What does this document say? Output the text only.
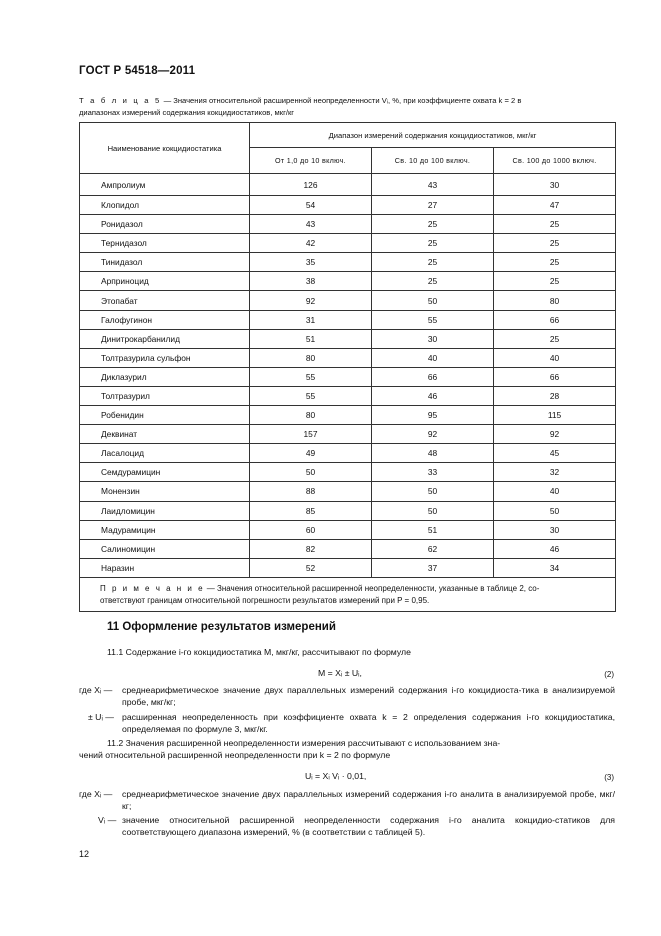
ГОСТ Р 54518—2011
Т а б л и ц а 5 — Значения относительной расширенной неопределенности Vᵢ, %, при коэффициенте охвата k = 2 в
диапазонах измерений содержания кокцидиостатиков, мкг/кг
Наименование кокцидиостатика	Диапазон измерений содержания кокцидиостатиков, мкг/кг		
	От 1,0 до 10 включ.	Св. 10 до 100 включ.	Св. 100 до 1000 включ.
Ампролиум	126	43	30
Клопидол	54	27	47
Ронидазол	43	25	25
Тернидазол	42	25	25
Тинидазол	35	25	25
Арпринoцид	38	25	25
Этопабат	92	50	80
Галофугинон	31	55	66
Динитрокарбанилид	51	30	25
Толтразурила сульфон	80	40	40
Диклазурил	55	66	66
Толтразурил	55	46	28
Робенидин	80	95	115
Деквинат	157	92	92
Ласалоцид	49	48	45
Семдурамицин	50	33	32
Монензин	88	50	40
Лаидломицин	85	50	50
Мадурамицин	60	51	30
Салиномицин	82	62	46
Наразин	52	37	34
П р и м е ч а н и е — Значения относительной расширенной неопределенности, указанные в таблице 2, со-
ответствуют границам относительной погрешности результатов измерений при P = 0,95.			
11 Оформление результатов измерений
11.1 Содержание i-го кокцидиостатика M, мкг/кг, рассчитывают по формуле
M = Xᵢ ± Uᵢ,	(2)
где Xᵢ — среднеарифметическое значение двух параллельных измерений содержания i-го кокцидиоста-тика в анализируемой пробе, мкг/кг;
± Uᵢ — расширенная неопределенность при коэффициенте охвата k = 2 определения содержания i-го кокцидиостатика, определяемая по формуле 3, мкг/кг.
11.2 Значения расширенной неопределенности измерения рассчитывают с использованием зна-
чений относительной расширенной неопределенности при k = 2 по формуле
Uᵢ = Xᵢ Vᵢ · 0,01,	(3)
где Xᵢ — среднеарифметическое значение двух параллельных измерений содержания i-го аналита в анализируемой пробе, мкг/кг;
Vᵢ — значение относительной расширенной неопределенности содержания i-го аналита кокцидио-статиков для соответствующего диапазона измерений, % (в соответствии с таблицей 5).
12
